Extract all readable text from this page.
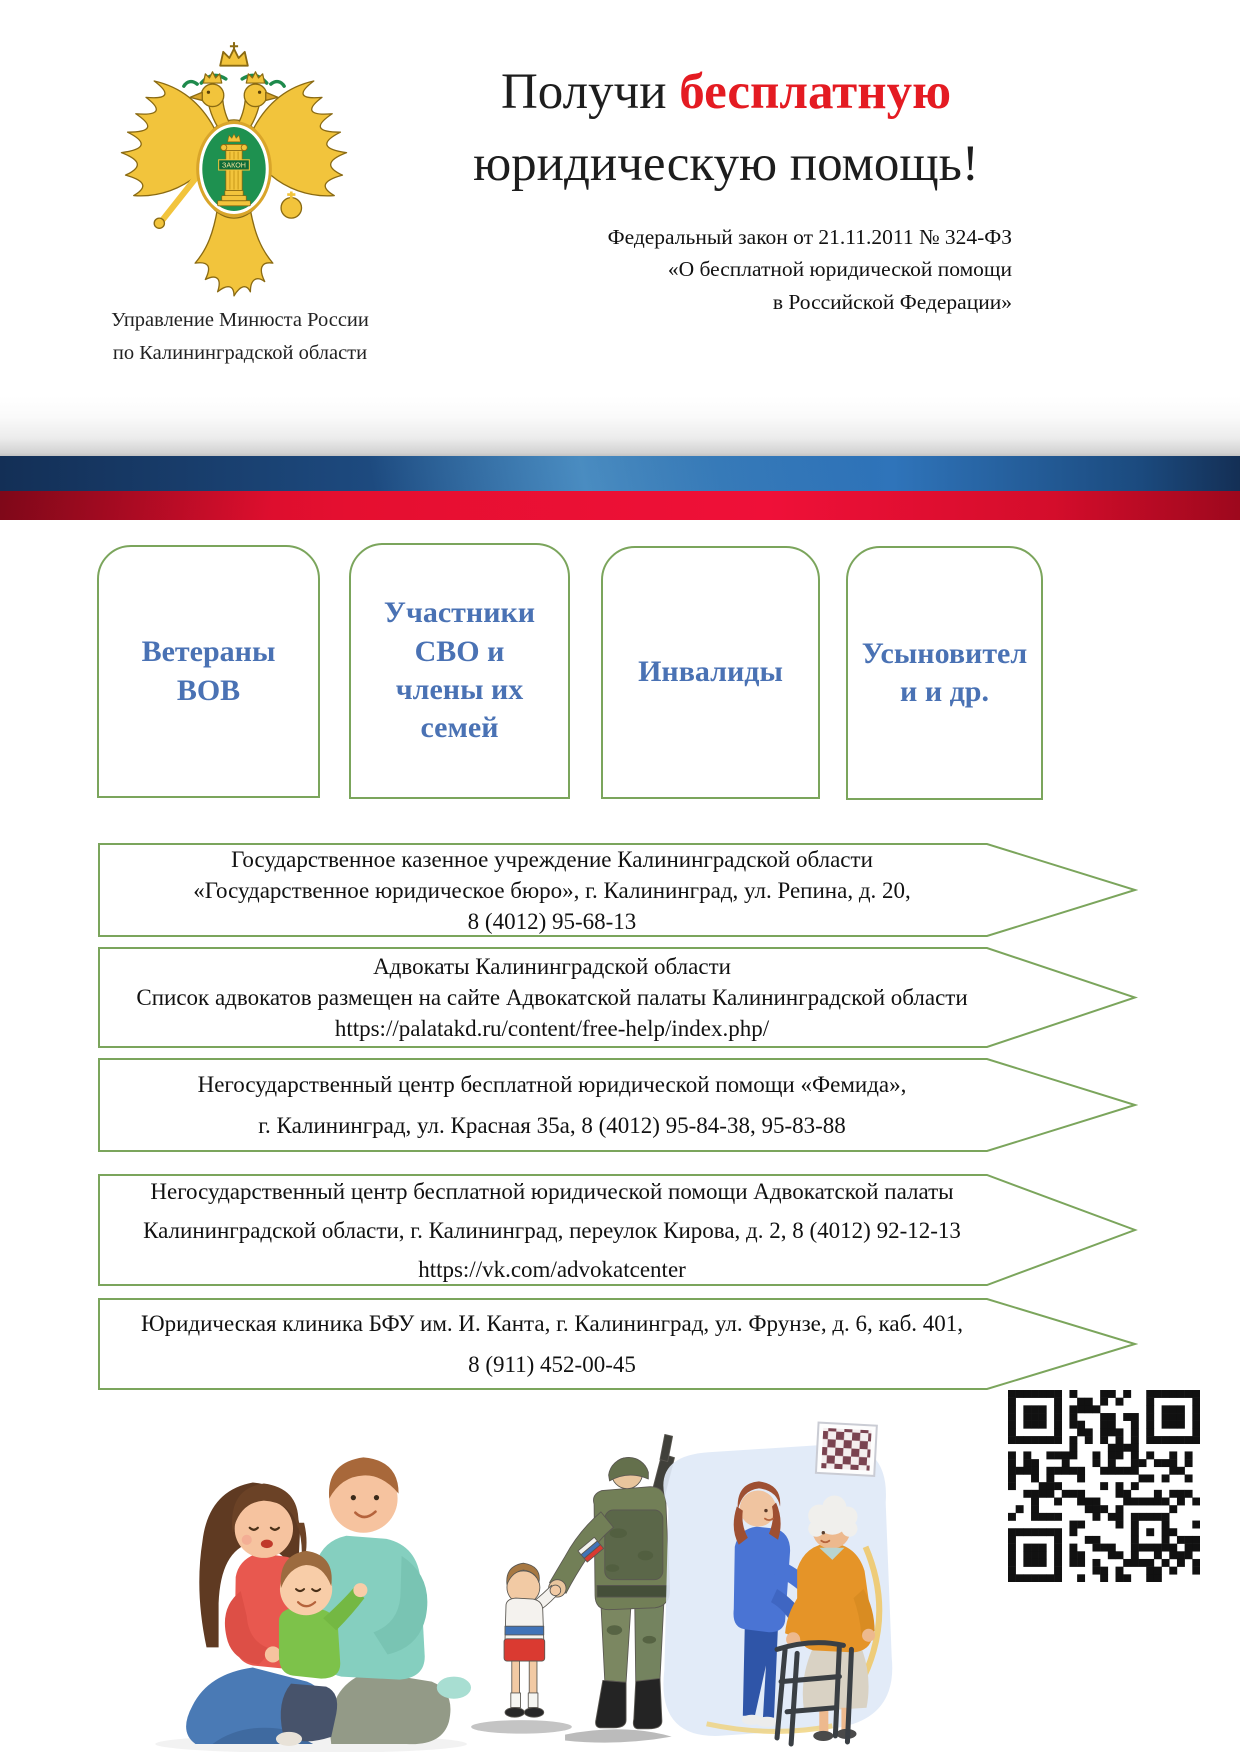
ЗАКОН
Управление Минюста России
по Калининградской области
Получи бесплатную
юридическую помощь!
Федеральный закон от 21.11.2011 № 324-ФЗ
«О бесплатной юридической помощи
в Российской Федерации»
Ветераны
ВОВ
Участники
СВО и
члены их
семей
Инвалиды
Усыновител
и и др.
Государственное казенное учреждение Калининградской области
«Государственное юридическое бюро», г. Калининград, ул. Репина, д. 20,
8 (4012) 95-68-13
Адвокаты Калининградской области
Список адвокатов размещен на сайте Адвокатской палаты Калининградской области
https://palatakd.ru/content/free-help/index.php/
Негосударственный центр бесплатной юридической помощи «Фемида»,
г. Калининград, ул. Красная 35а, 8 (4012) 95-84-38, 95-83-88
Негосударственный центр бесплатной юридической помощи Адвокатской палаты
Калининградской области, г. Калининград, переулок Кирова, д. 2, 8 (4012) 92-12-13
https://vk.com/advokatcenter
Юридическая клиника БФУ им. И. Канта, г. Калининград, ул. Фрунзе, д. 6, каб. 401,
8 (911) 452-00-45
